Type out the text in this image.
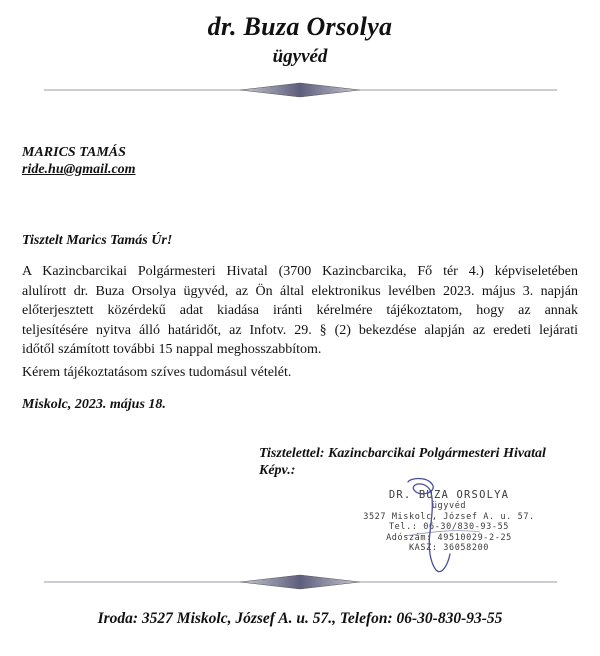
dr. Buza Orsolya
ügyvéd
MARICS TAMÁS
ride.hu@gmail.com
Tisztelt Marics Tamás Úr!
A Kazincbarcikai Polgármesteri Hivatal (3700 Kazincbarcika, Fő tér 4.) képviseletében
alulírott dr. Buza Orsolya ügyvéd, az Ön által elektronikus levélben 2023. május 3. napján
előterjesztett közérdekű adat kiadása iránti kérelmére tájékoztatom, hogy az annak
teljesítésére nyitva álló határidőt, az Infotv. 29. § (2) bekezdése alapján az eredeti lejárati
időtől számított további 15 nappal meghosszabbítom.
Kérem tájékoztatásom szíves tudomásul vételét.
Miskolc, 2023. május 18.
Tisztelettel: Kazincbarcikai Polgármesteri Hivatal
Képv.:
DR. BUZA ORSOLYA
ügyvéd
3527 Miskolc, József A. u. 57.
Tel.: 06-30/830-93-55
Adószám: 49510029-2-25
KASZ: 36058200
Iroda: 3527 Miskolc, József A. u. 57., Telefon: 06-30-830-93-55
